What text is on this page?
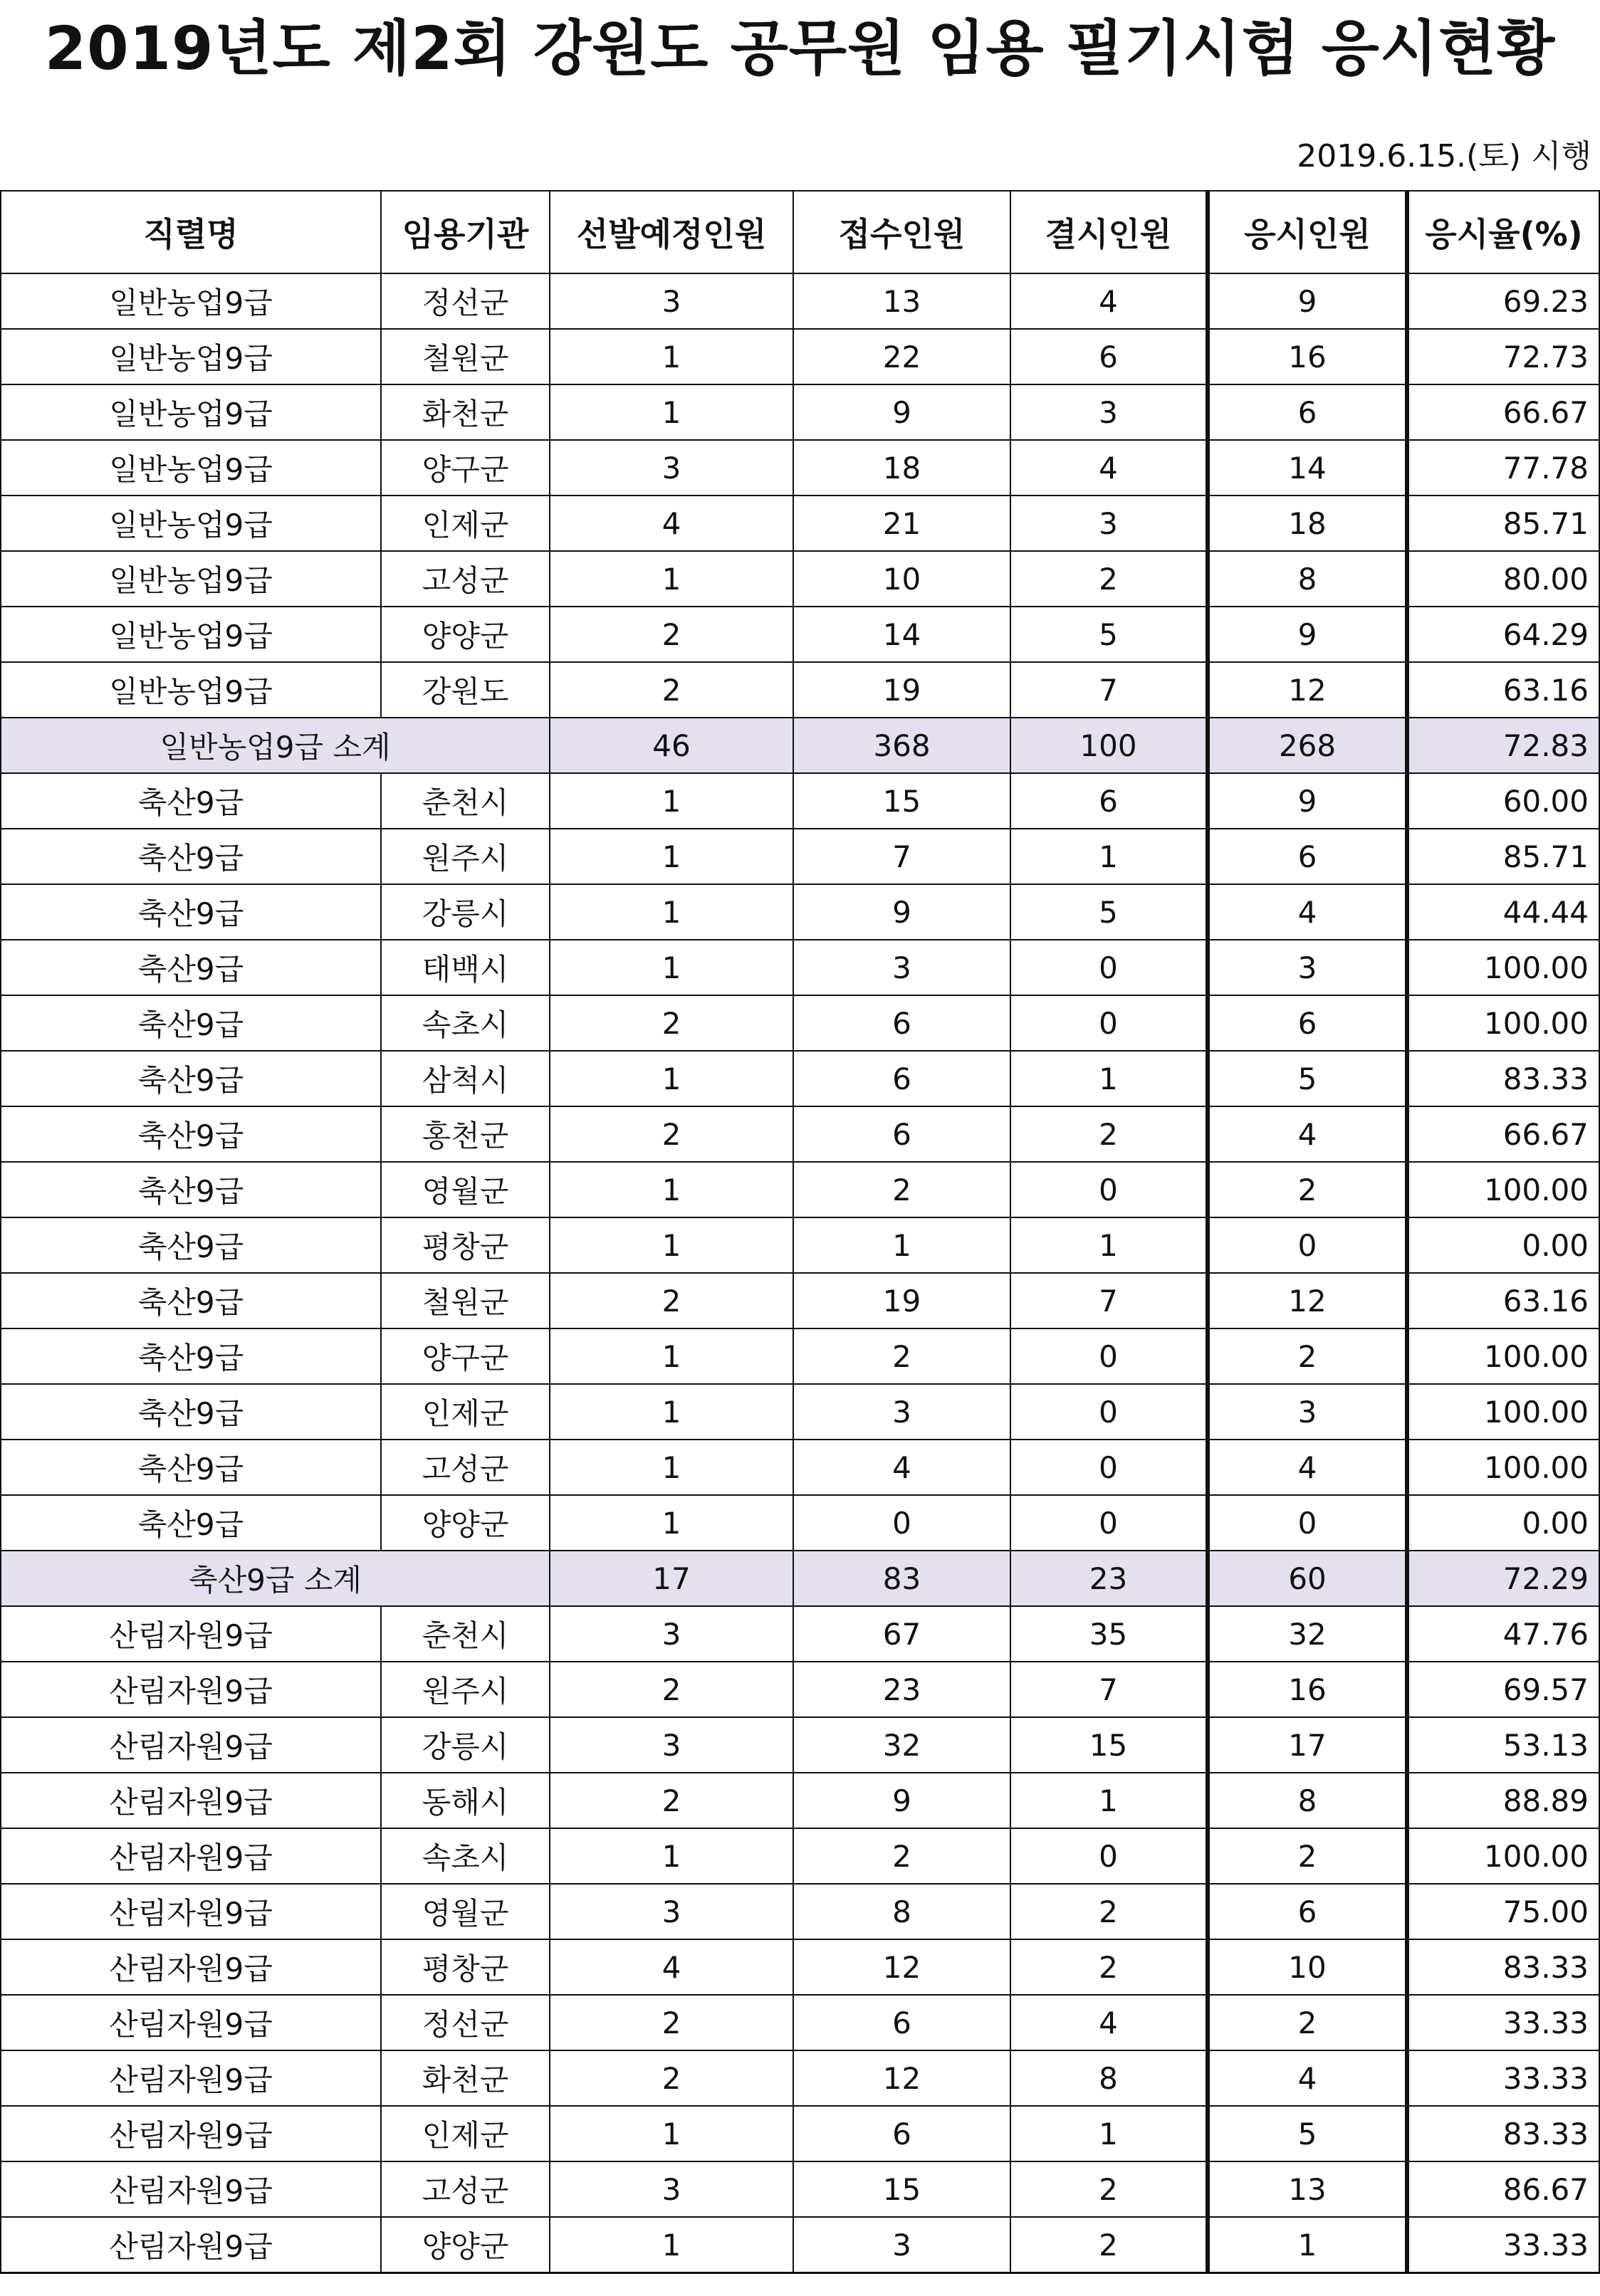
2019년도 제2회 강원도 공무원 임용 필기시험 응시현황
2019.6.15.(토) 시행
직렬명	임용기관	선발예정인원	접수인원	결시인원	응시인원	응시율(%)
일반농업9급	정선군	3	13	4	9	69.23
일반농업9급	철원군	1	22	6	16	72.73
일반농업9급	화천군	1	9	3	6	66.67
일반농업9급	양구군	3	18	4	14	77.78
일반농업9급	인제군	4	21	3	18	85.71
일반농업9급	고성군	1	10	2	8	80.00
일반농업9급	양양군	2	14	5	9	64.29
일반농업9급	강원도	2	19	7	12	63.16
일반농업9급 소계		46	368	100	268	72.83
축산9급	춘천시	1	15	6	9	60.00
축산9급	원주시	1	7	1	6	85.71
축산9급	강릉시	1	9	5	4	44.44
축산9급	태백시	1	3	0	3	100.00
축산9급	속초시	2	6	0	6	100.00
축산9급	삼척시	1	6	1	5	83.33
축산9급	홍천군	2	6	2	4	66.67
축산9급	영월군	1	2	0	2	100.00
축산9급	평창군	1	1	1	0	0.00
축산9급	철원군	2	19	7	12	63.16
축산9급	양구군	1	2	0	2	100.00
축산9급	인제군	1	3	0	3	100.00
축산9급	고성군	1	4	0	4	100.00
축산9급	양양군	1	0	0	0	0.00
축산9급 소계		17	83	23	60	72.29
산림자원9급	춘천시	3	67	35	32	47.76
산림자원9급	원주시	2	23	7	16	69.57
산림자원9급	강릉시	3	32	15	17	53.13
산림자원9급	동해시	2	9	1	8	88.89
산림자원9급	속초시	1	2	0	2	100.00
산림자원9급	영월군	3	8	2	6	75.00
산림자원9급	평창군	4	12	2	10	83.33
산림자원9급	정선군	2	6	4	2	33.33
산림자원9급	화천군	2	12	8	4	33.33
산림자원9급	인제군	1	6	1	5	83.33
산림자원9급	고성군	3	15	2	13	86.67
산림자원9급	양양군	1	3	2	1	33.33
